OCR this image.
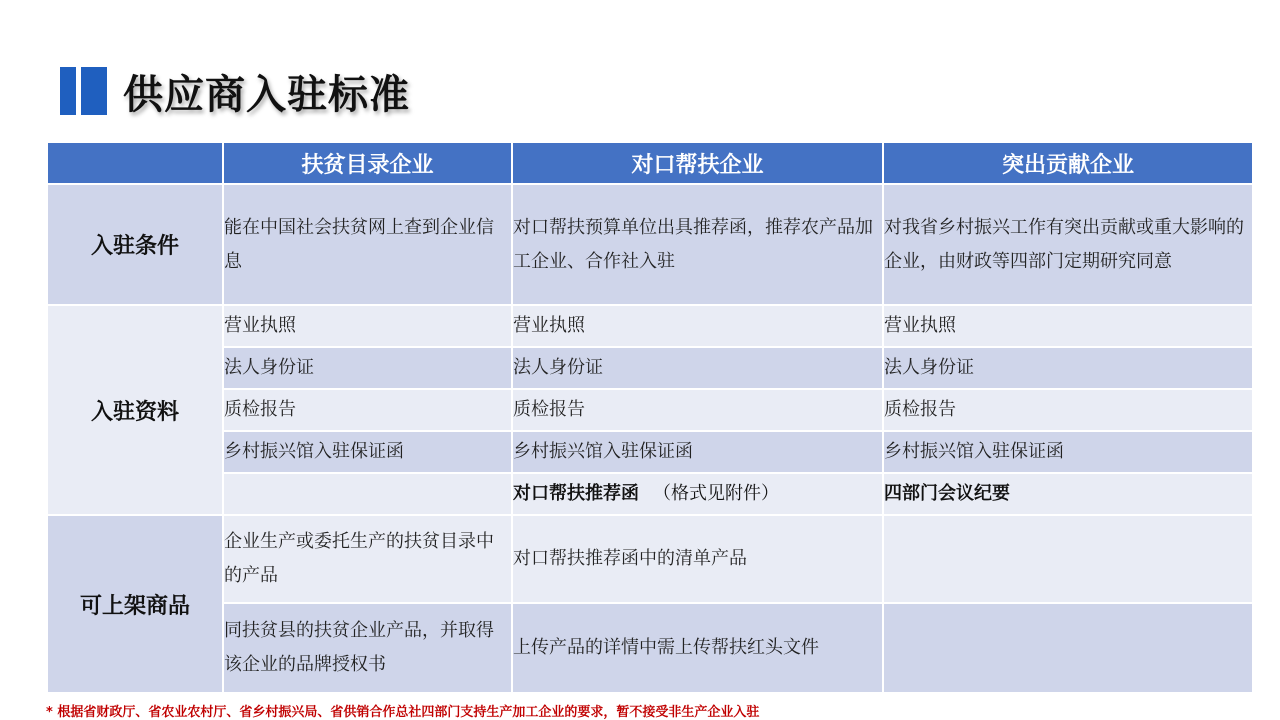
供应商入驻标准
	扶贫目录企业	对口帮扶企业	突出贡献企业
入驻条件	能在中国社会扶贫网上查到企业信息	对口帮扶预算单位出具推荐函，推荐农产品加工企业、合作社入驻	对我省乡村振兴工作有突出贡献或重大影响的企业，由财政等四部门定期研究同意
入驻资料	营业执照	营业执照	营业执照
	法人身份证	法人身份证	法人身份证
	质检报告	质检报告	质检报告
	乡村振兴馆入驻保证函	乡村振兴馆入驻保证函	乡村振兴馆入驻保证函
		对口帮扶推荐函 （格式见附件）	四部门会议纪要
可上架商品	企业生产或委托生产的扶贫目录中的产品	对口帮扶推荐函中的清单产品	
	同扶贫县的扶贫企业产品，并取得该企业的品牌授权书	上传产品的详情中需上传帮扶红头文件	
* 根据省财政厅、省农业农村厅、省乡村振兴局、省供销合作总社四部门支持生产加工企业的要求，暂不接受非生产企业入驻
